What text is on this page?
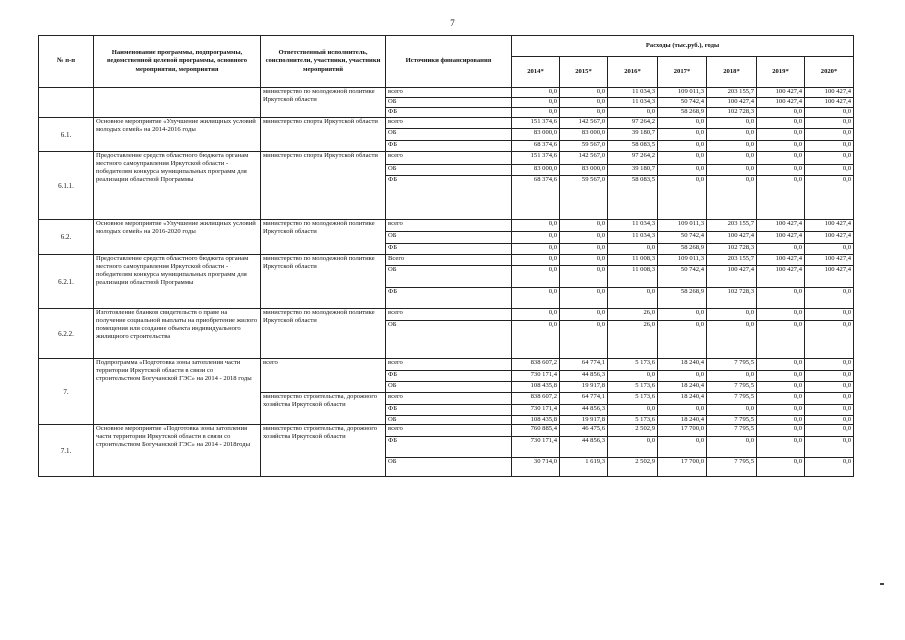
7
№ п-п	Наименование программы, подпрограммы, ведомственной целевой программы, основного мероприятия, мероприятия	Ответственный исполнитель, соисполнители, участники, участники мероприятий	Источники финансирования	Расходы (тыс.руб.), годы						
				2014*	2015*	2016*	2017*	2018*	2019*	2020*
		министерство по молодежной политике Иркутской области	всего	0,0	0,0	11 034,3	109 011,3	203 155,7	100 427,4	100 427,4
			ОБ	0,0	0,0	11 034,3	50 742,4	100 427,4	100 427,4	100 427,4
			ФБ	0,0	0,0	0,0	58 268,9	102 728,3	0,0	0,0
6.1.	Основное мероприятие «Улучшение жилищных условий молодых семей» на 2014-2016 годы	министерство спорта Иркутской области	всего	151 374,6	142 567,0	97 264,2	0,0	0,0	0,0	0,0
			ОБ	83 000,0	83 000,0	39 180,7	0,0	0,0	0,0	0,0
			ФБ	68 374,6	59 567,0	58 083,5	0,0	0,0	0,0	0,0
6.1.1.	Предоставление средств областного бюджета органам местного самоуправления Иркутской области - победителям конкурса муниципальных программ для реализации областной Программы	министерство спорта Иркутской области	всего	151 374,6	142 567,0	97 264,2	0,0	0,0	0,0	0,0
			ОБ	83 000,0	83 000,0	39 180,7	0,0	0,0	0,0	0,0
			ФБ	68 374,6	59 567,0	58 083,5	0,0	0,0	0,0	0,0
6.2.	Основное мероприятие «Улучшение жилищных условий молодых семей» на 2016-2020 годы	министерство по молодежной политике Иркутской области	всего	0,0	0,0	11 034,3	109 011,3	203 155,7	100 427,4	100 427,4
			ОБ	0,0	0,0	11 034,3	50 742,4	100 427,4	100 427,4	100 427,4
			ФБ	0,0	0,0	0,0	58 268,9	102 728,3	0,0	0,0
6.2.1.	Предоставление средств областного бюджета органам местного самоуправления Иркутской области - победителям конкурса муниципальных программ для реализации областной Программы	министерство по молодежной политике Иркутской области	Всего	0,0	0,0	11 008,3	109 011,3	203 155,7	100 427,4	100 427,4
			ОБ	0,0	0,0	11 008,3	50 742,4	100 427,4	100 427,4	100 427,4
			ФБ	0,0	0,0	0,0	58 268,9	102 728,3	0,0	0,0
6.2.2.	Изготовление бланков свидетельств о праве на получение социальной выплаты на приобретение жилого помещения или создание объекта индивидуального жилищного строительства	министерство по молодежной политике Иркутской области	всего	0,0	0,0	26,0	0,0	0,0	0,0	0,0
			ОБ	0,0	0,0	26,0	0,0	0,0	0,0	0,0
7.	Подпрограмма «Подготовка зоны затопления части территории Иркутской области в связи со строительством Богучанской ГЭС» на 2014 - 2018 годы	всего	всего	838 607,2	64 774,1	5 173,6	18 240,4	7 795,5	0,0	0,0
			ФБ	730 171,4	44 856,3	0,0	0,0	0,0	0,0	0,0
			ОБ	108 435,8	19 917,8	5 173,6	18 240,4	7 795,5	0,0	0,0
		министерство строительства, дорожного хозяйства Иркутской области	всего	838 607,2	64 774,1	5 173,6	18 240,4	7 795,5	0,0	0,0
			ФБ	730 171,4	44 856,3	0,0	0,0	0,0	0,0	0,0
			ОБ	108 435,8	19 917,8	5 173,6	18 240,4	7 795,5	0,0	0,0
7.1.	Основное мероприятие «Подготовка зоны затопления части территории Иркутской области в связи со строительством Богучанской ГЭС» на 2014 - 2018годы	министерство строительства, дорожного хозяйства Иркутской области	всего	760 885,4	46 475,6	2 502,9	17 700,0	7 795,5	0,0	0,0
			ФБ	730 171,4	44 856,3	0,0	0,0	0,0	0,0	0,0
			ОБ	30 714,0	1 619,3	2 502,9	17 700,0	7 795,5	0,0	0,0
